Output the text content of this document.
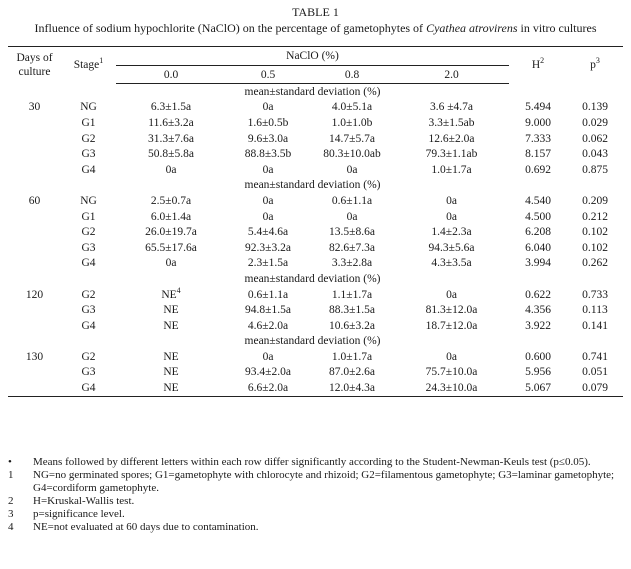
TABLE 1
Influence of sodium hypochlorite (NaClO) on the percentage of gametophytes of Cyathea atrovirens in vitro cultures
Days of
culture	Stage$^1$	NaClO (%)				$H^2$	$p^3$
		0.0	0.5	0.8	2.0		
		mean±standard deviation (%)					
30	NG	6.3±1.5a	0a	4.0±5.1a	3.6 ±4.7a	5.494	0.139
	G1	11.6±3.2a	1.6±0.5b	1.0±1.0b	3.3±1.5ab	9.000	0.029
	G2	31.3±7.6a	9.6±3.0a	14.7±5.7a	12.6±2.0a	7.333	0.062
	G3	50.8±5.8a	88.8±3.5b	80.3±10.0ab	79.3±1.1ab	8.157	0.043
	G4	0a	0a	0a	1.0±1.7a	0.692	0.875
		mean±standard deviation (%)					
60	NG	2.5±0.7a	0a	0.6±1.1a	0a	4.540	0.209
	G1	6.0±1.4a	0a	0a	0a	4.500	0.212
	G2	26.0±19.7a	5.4±4.6a	13.5±8.6a	1.4±2.3a	6.208	0.102
	G3	65.5±17.6a	92.3±3.2a	82.6±7.3a	94.3±5.6a	6.040	0.102
	G4	0a	2.3±1.5a	3.3±2.8a	4.3±3.5a	3.994	0.262
		mean±standard deviation (%)					
120	G2	$NE^4$	0.6±1.1a	1.1±1.7a	0a	0.622	0.733
	G3	NE	94.8±1.5a	88.3±1.5a	81.3±12.0a	4.356	0.113
	G4	NE	4.6±2.0a	10.6±3.2a	18.7±12.0a	3.922	0.141
		mean±standard deviation (%)					
130	G2	NE	0a	1.0±1.7a	0a	0.600	0.741
	G3	NE	93.4±2.0a	87.0±2.6a	75.7±10.0a	5.956	0.051
	G4	NE	6.6±2.0a	12.0±4.3a	24.3±10.0a	5.067	0.079
•	Means followed by different letters within each row differ significantly according to the Student-Newman-Keuls test (p≤0.05).
1	NG=no germinated spores; G1=gametophyte with chlorocyte and rhizoid; G2=filamentous gametophyte; G3=laminar gametophyte; G4=cordiform gametophyte.
2	H=Kruskal-Wallis test.
3	p=significance level.
4	NE=not evaluated at 60 days due to contamination.
